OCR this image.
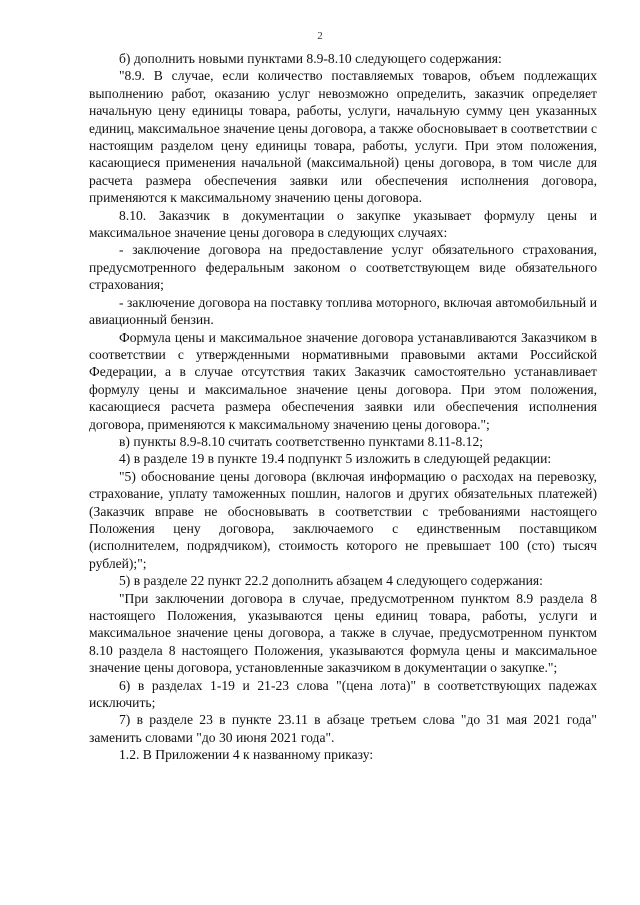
2

б) дополнить новыми пунктами 8.9-8.10 следующего содержания:

"8.9. В случае, если количество поставляемых товаров, объем подлежащих выполнению работ, оказанию услуг невозможно определить, заказчик определяет начальную цену единицы товара, работы, услуги, начальную сумму цен указанных единиц, максимальное значение цены договора, а также обосновывает в соответствии с настоящим разделом цену единицы товара, работы, услуги. При этом положения, касающиеся применения начальной (максимальной) цены договора, в том числе для расчета размера обеспечения заявки или обеспечения исполнения договора, применяются к максимальному значению цены договора.

8.10. Заказчик в документации о закупке указывает формулу цены и максимальное значение цены договора в следующих случаях:

- заключение договора на предоставление услуг обязательного страхования, предусмотренного федеральным законом о соответствующем виде обязательного страхования;

- заключение договора на поставку топлива моторного, включая автомобильный и авиационный бензин.

Формула цены и максимальное значение договора устанавливаются Заказчиком в соответствии с утвержденными нормативными правовыми актами Российской Федерации, а в случае отсутствия таких Заказчик самостоятельно устанавливает формулу цены и максимальное значение цены договора. При этом положения, касающиеся расчета размера обеспечения заявки или обеспечения исполнения договора, применяются к максимальному значению цены договора.";

в) пункты 8.9-8.10 считать соответственно пунктами 8.11-8.12;

4) в разделе 19 в пункте 19.4 подпункт 5 изложить в следующей редакции:

"5) обоснование цены договора (включая информацию о расходах на перевозку, страхование, уплату таможенных пошлин, налогов и других обязательных платежей) (Заказчик вправе не обосновывать в соответствии с требованиями настоящего Положения цену договора, заключаемого с единственным поставщиком (исполнителем, подрядчиком), стоимость которого не превышает 100 (сто) тысяч рублей);";

5) в разделе 22 пункт 22.2 дополнить абзацем 4 следующего содержания:

"При заключении договора в случае, предусмотренном пунктом 8.9 раздела 8 настоящего Положения, указываются цены единиц товара, работы, услуги и максимальное значение цены договора, а также в случае, предусмотренном пунктом 8.10 раздела 8 настоящего Положения, указываются формула цены и максимальное значение цены договора, установленные заказчиком в документации о закупке.";

6) в разделах 1-19 и 21-23 слова "(цена лота)" в соответствующих падежах исключить;

7) в разделе 23 в пункте 23.11 в абзаце третьем слова "до 31 мая 2021 года" заменить словами "до 30 июня 2021 года".

1.2. В Приложении 4 к названному приказу:
